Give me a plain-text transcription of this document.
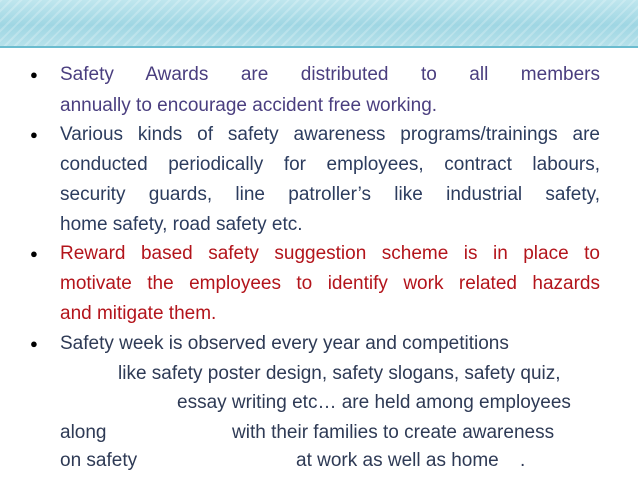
● Safety Awards are distributed to all members
annually to encourage accident free working.
● Various kinds of safety awareness programs/trainings are
conducted periodically for employees, contract labours,
security guards, line patroller’s like industrial safety,
home safety, road safety etc.
● Reward based safety suggestion scheme is in place to
motivate the employees to identify work related hazards
and mitigate them.
● Safety week is observed every year and competitions
like safety poster design, safety slogans, safety quiz,
essay writing etc… are held among employees
along	with their families to create awareness
on safety	at work as well as home .
